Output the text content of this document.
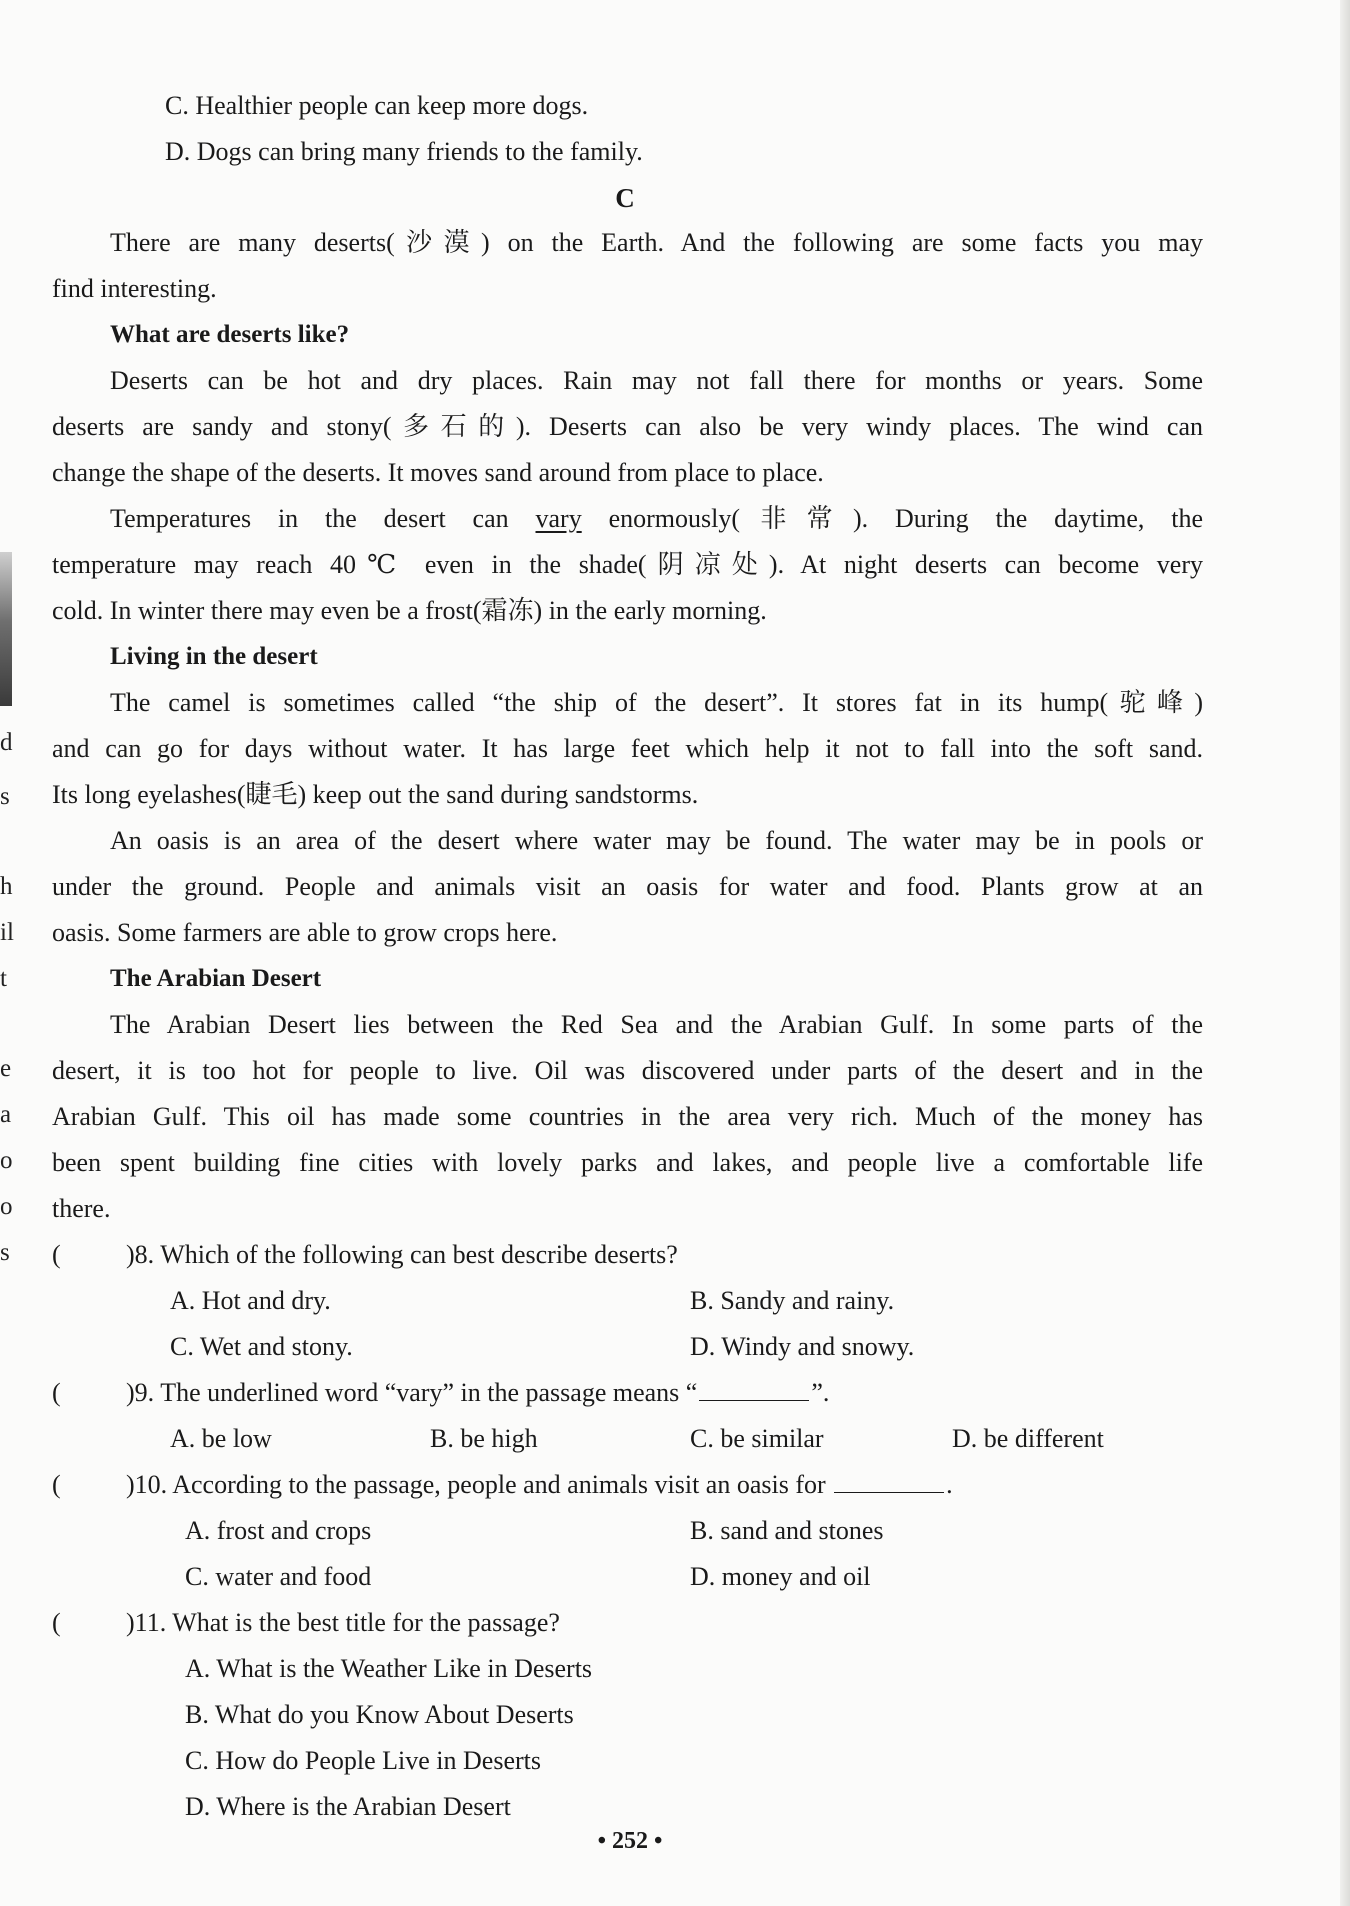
d
s
h
il
t
e
a
o
o
s
C. Healthier people can keep more dogs.
D. Dogs can bring many friends to the family.
C
There are many deserts(沙漠) on the Earth. And the following are some facts you may
find interesting.
What are deserts like?
Deserts can be hot and dry places. Rain may not fall there for months or years. Some
deserts are sandy and stony(多石的). Deserts can also be very windy places. The wind can
change the shape of the deserts. It moves sand around from place to place.
Temperatures in the desert can vary enormously(非常). During the daytime, the
temperature may reach 40℃ even in the shade(阴凉处). At night deserts can become very
cold. In winter there may even be a frost(霜冻) in the early morning.
Living in the desert
The camel is sometimes called “the ship of the desert”. It stores fat in its hump(驼峰)
and can go for days without water. It has large feet which help it not to fall into the soft sand.
Its long eyelashes(睫毛) keep out the sand during sandstorms.
An oasis is an area of the desert where water may be found. The water may be in pools or
under the ground. People and animals visit an oasis for water and food. Plants grow at an
oasis. Some farmers are able to grow crops here.
The Arabian Desert
The Arabian Desert lies between the Red Sea and the Arabian Gulf. In some parts of the
desert, it is too hot for people to live. Oil was discovered under parts of the desert and in the
Arabian Gulf. This oil has made some countries in the area very rich. Much of the money has
been spent building fine cities with lovely parks and lakes, and people live a comfortable life
there.
(	)8. Which of the following can best describe deserts?
A. Hot and dry.	B. Sandy and rainy.
C. Wet and stony.	D. Windy and snowy.
(	)9. The underlined word “vary” in the passage means “	”.
A. be low	B. be high	C. be similar	D. be different
(	)10. According to the passage, people and animals visit an oasis for	.
A. frost and crops	B. sand and stones
C. water and food	D. money and oil
(	)11. What is the best title for the passage?
A. What is the Weather Like in Deserts
B. What do you Know About Deserts
C. How do People Live in Deserts
D. Where is the Arabian Desert
• 252 •
